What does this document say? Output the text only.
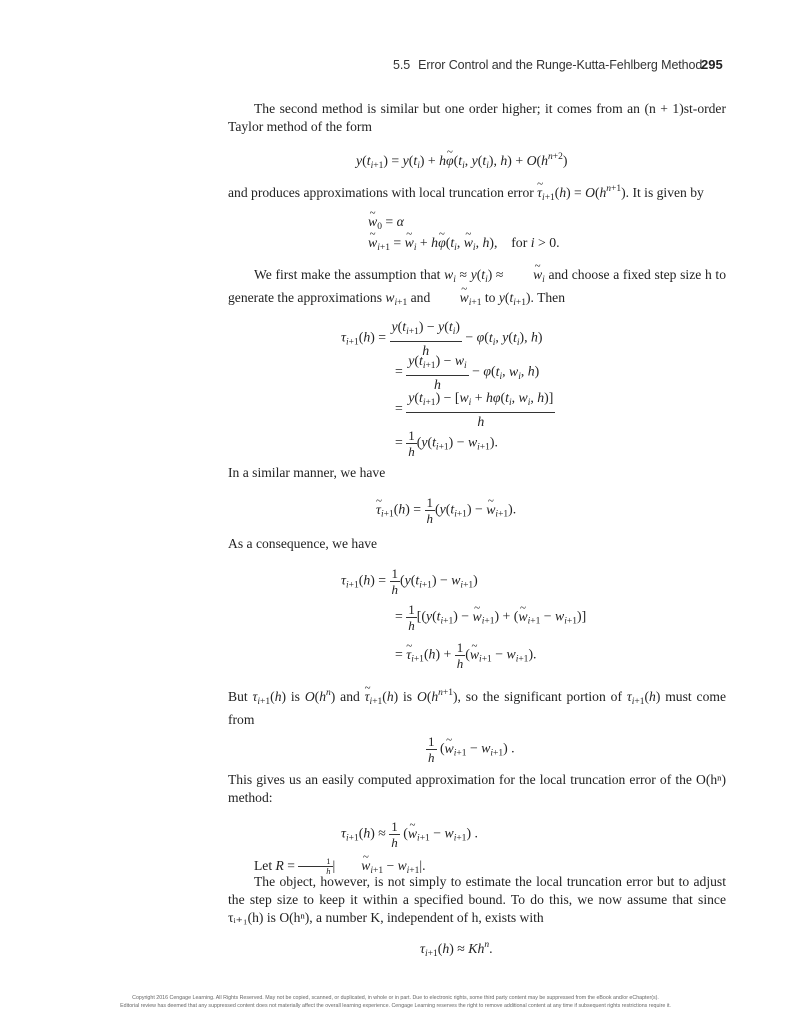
5.5 Error Control and the Runge-Kutta-Fehlberg Method
295
The second method is similar but one order higher; it comes from an (n + 1)st-order Taylor method of the form
$y(t_{i+1}) = y(t_i)$ + h~ $\varphi(t_i$, $y(t_i)$, $h) + O(h^{n+2})$
and produces approximations with local truncation error ~ $\tau_{i+1}(h) = O(h^{n+1})$. It is given by
~ $w_0 = \alpha$
~ $w_{i+1}$ = ~ $w_i$ + h~ $\varphi(t_i$, ~ $w_i$, h),    for i > 0.
We first make the assumption that $w_i \approx y(t_i)$ ≈ ~ $w_i$ and choose a fixed step size h to generate the approximations $w_{i+1}$ and ~ $w_{i+1}$ to $y(t_{i+1})$. Then
$\tau_{i+1}(h) = \frac{y(t_{i+1}) - y(t_i)}{h} - \varphi(t_i$, $y(t_i)$, h)
= $\frac{y(t_{i+1}) - w_i}{h} - \varphi(t_i$, $w_i$, h)
= $\frac{y(t_{i+1}) - [w_i + h\varphi(t_i, w_i, h)]}{h}$
= $\frac{1}{h} (y(t_{i+1}) - w_{i+1})$.
In a similar manner, we have
~ $\tau_{i+1}(h) = \frac{1}{h} (y(t_{i+1})$ − ~ $w_{i+1}$).
As a consequence, we have
$\tau_{i+1}(h) = \frac{1}{h} (y(t_{i+1}) - w_{i+1})$
= $\frac{1}{h} [(y(t_{i+1})$ − ~ $w_{i+1}$) + (~ $w_{i+1} - w_{i+1}$)]
= ~ $\tau_{i+1}(h) + \frac{1}{h}$ (~ $w_{i+1} - w_{i+1}$).
But $\tau_{i+1}(h)$ is $O(h^n)$ and ~ $\tau_{i+1}(h)$ is $O(h^{n+1})$, so the significant portion of $\tau_{i+1}(h)$ must come from
$\frac{1}{h}$ (~ $w_{i+1} - w_{i+1}$) .
This gives us an easily computed approximation for the local truncation error of the O(hⁿ) method:
$\tau_{i+1}(h) \approx \frac{1}{h}$ (~ $w_{i+1} - w_{i+1}$) .
Let $R = \frac{1}{h}$ |~ $w_{i+1} - w_{i+1}|$.
The object, however, is not simply to estimate the local truncation error but to adjust the step size to keep it within a specified bound. To do this, we now assume that since τᵢ₊₁(h) is O(hⁿ), a number K, independent of h, exists with
$\tau_{i+1}(h) \approx Kh^n$.
Copyright 2016 Cengage Learning. All Rights Reserved. May not be copied, scanned, or duplicated, in whole or in part. Due to electronic rights, some third party content may be suppressed from the eBook and/or eChapter(s).
Editorial review has deemed that any suppressed content does not materially affect the overall learning experience. Cengage Learning reserves the right to remove additional content at any time if subsequent rights restrictions require it.
